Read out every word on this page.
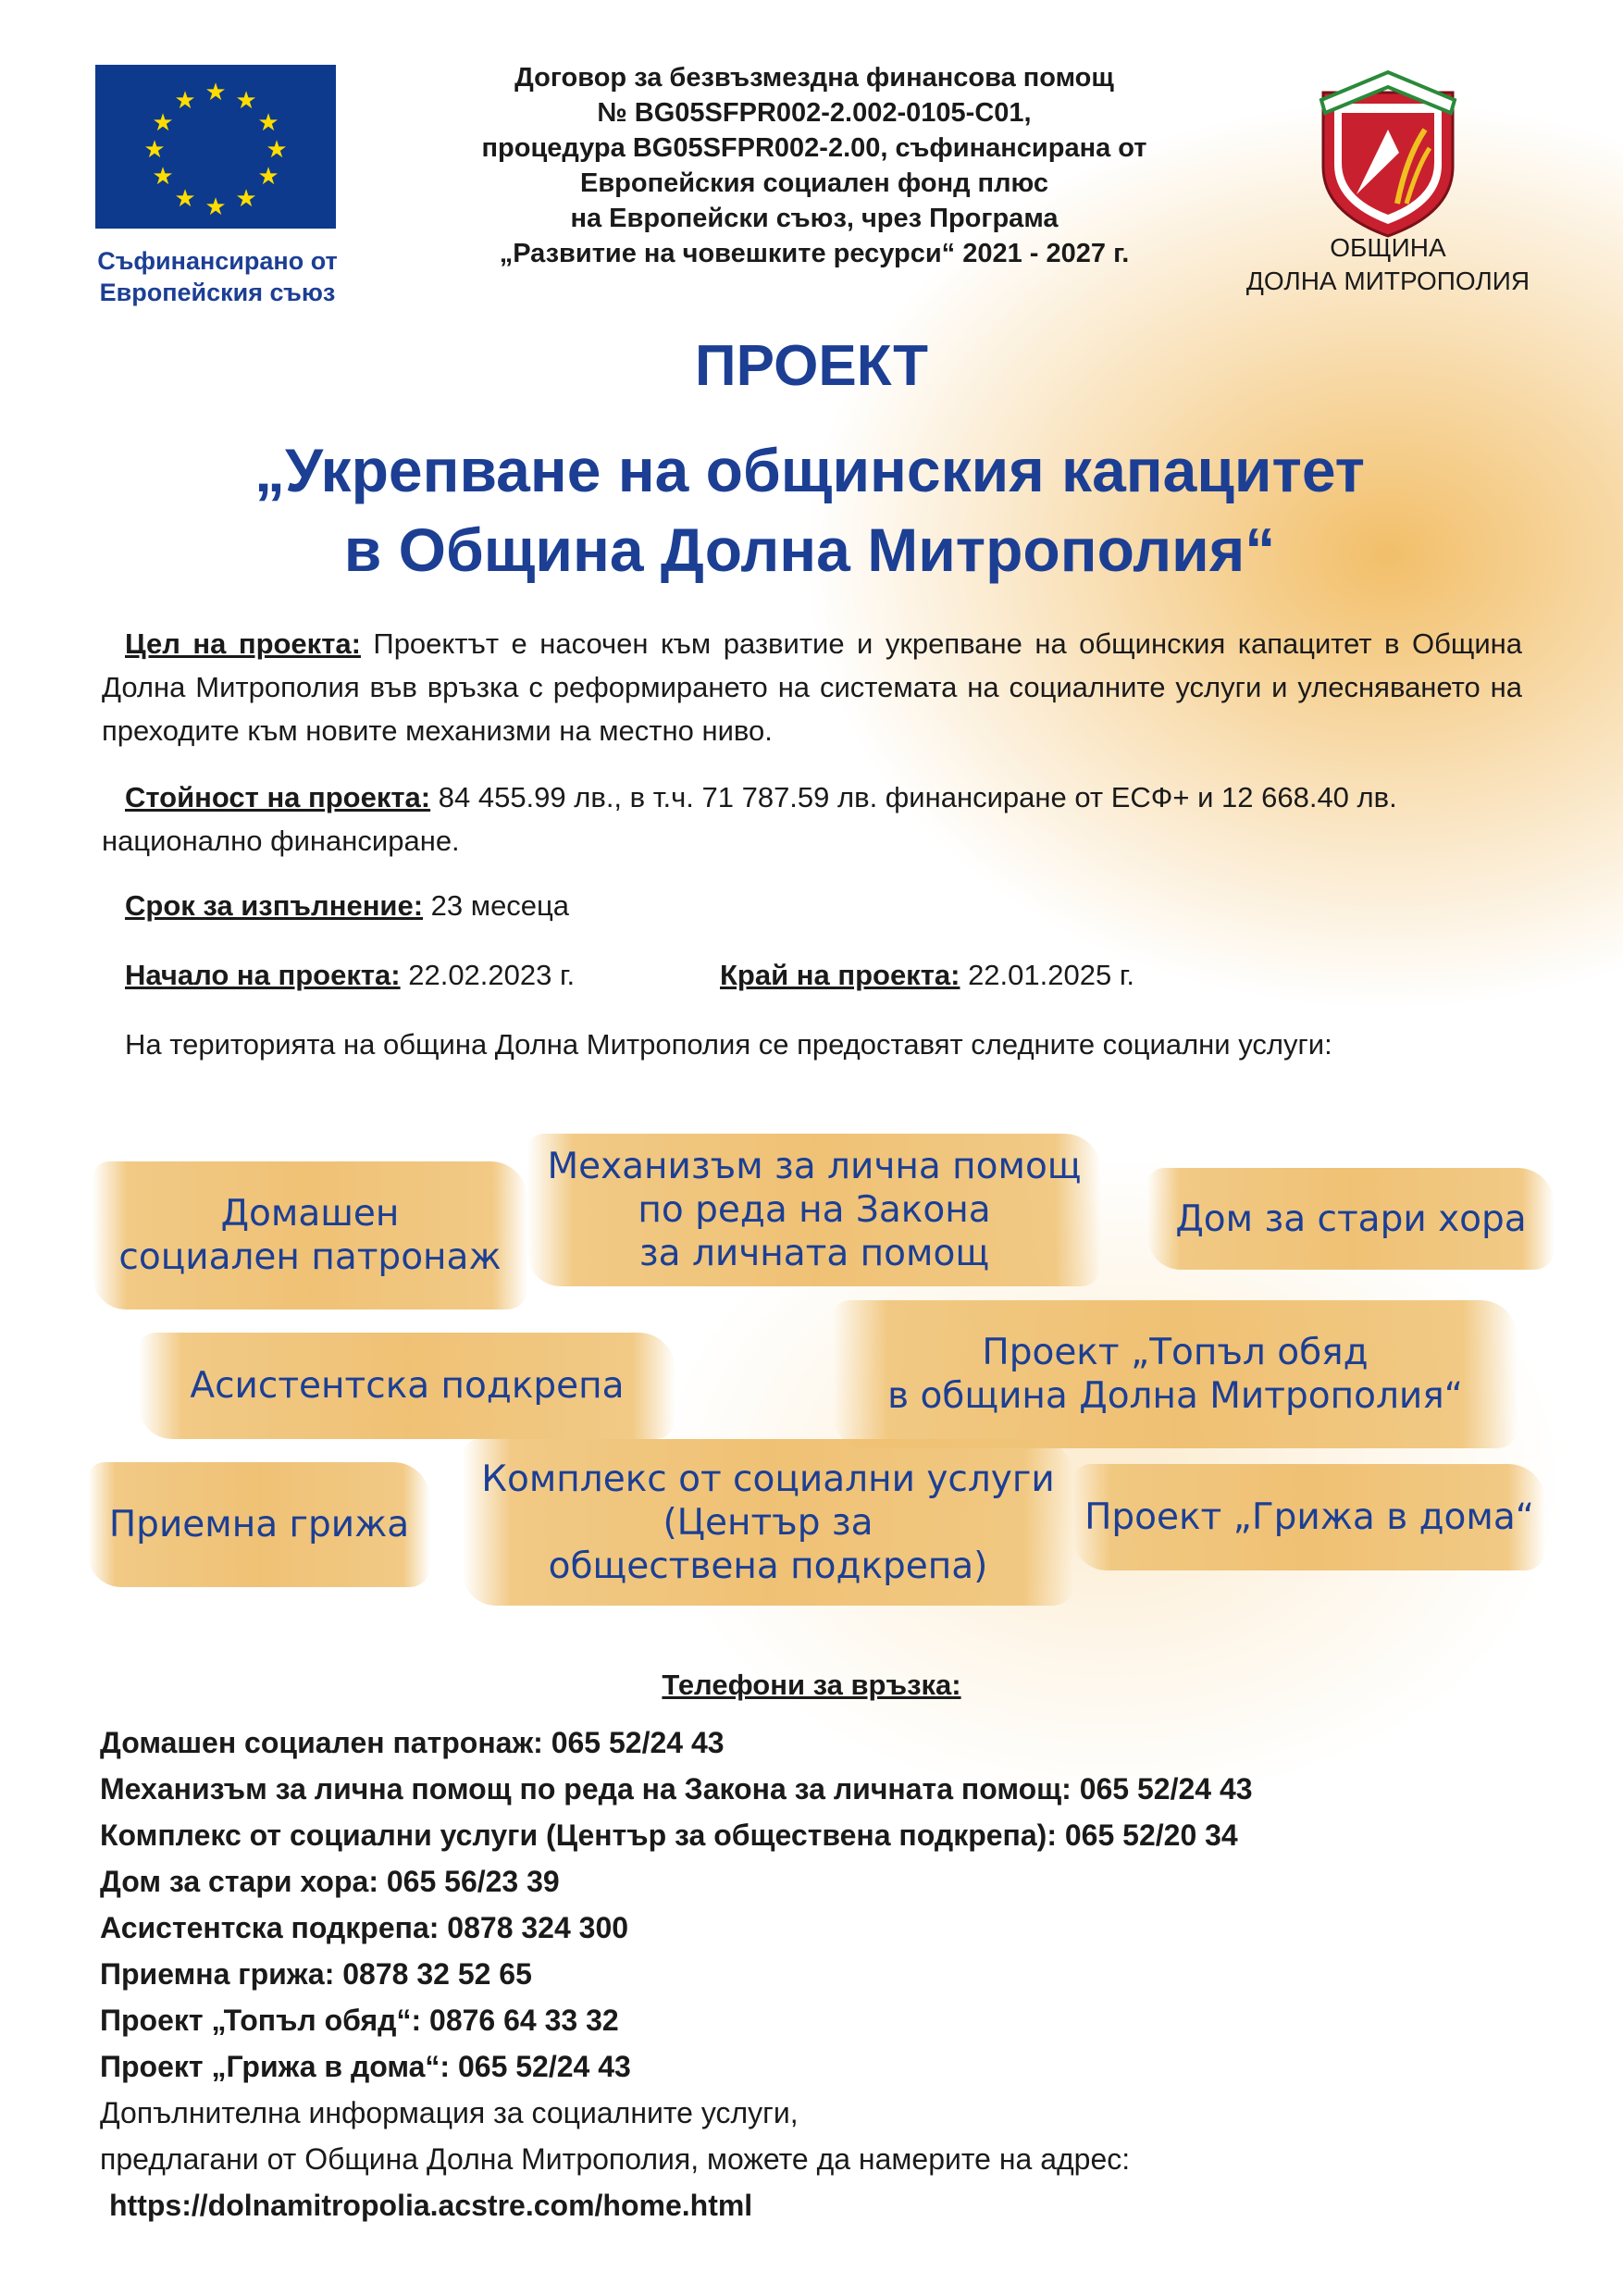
★ ★
★
★
★
★
★
★
★
★
★
★
Съфинансирано от
Европейския съюз
Договор за безвъзмездна финансова помощ
№ BG05SFPR002-2.002-0105-C01,
процедура BG05SFPR002-2.00, съфинансирана от
Европейския социален фонд плюс
на Европейски съюз, чрез Програма
„Развитие на човешките ресурси“ 2021 - 2027 г.	ОБЩИНА
ДОЛНА МИТРОПОЛИЯ
ПРОЕКТ
„Укрепване на общинския капацитет
в Община Долна Митрополия“
Цел на проекта: Проектът е насочен към развитие и укрепване на общинския капацитет в Община Долна Митрополия във връзка с реформирането на системата на социалните услуги и улесняването на преходите към новите механизми на местно ниво.
Стойност на проекта: 84 455.99 лв., в т.ч. 71 787.59 лв. финансиране от ЕСФ+ и 12 668.40 лв. национално финансиране.
Срок за изпълнение: 23 месеца
Начало на проекта: 22.02.2023 г.	Край на проекта: 22.01.2025 г.
На територията на община Долна Митрополия се предоставят следните социални услуги:
Домашен
социален патронаж
Механизъм за лична помощ
по реда на Закона
за личната помощ
Дом за стари хора
Асистентска подкрепа
Проект „Топъл обяд
в община Долна Митрополия“
Приемна грижа
Комплекс от социални услуги
(Център за
обществена подкрепа)
Проект „Грижа в дома“
Телефони за връзка:
Домашен социален патронаж: 065 52/24 43
Механизъм за лична помощ по реда на Закона за личната помощ: 065 52/24 43
Комплекс от социални услуги (Център за обществена подкрепа): 065 52/20 34
Дом за стари хора: 065 56/23 39
Асистентска подкрепа: 0878 324 300
Приемна грижа: 0878 32 52 65
Проект „Топъл обяд“: 0876 64 33 32
Проект „Грижа в дома“: 065 52/24 43
Допълнителна информация за социалните услуги,
предлагани от Община Долна Митрополия, можете да намерите на адрес:
https://dolnamitropolia.acstre.com/home.html
